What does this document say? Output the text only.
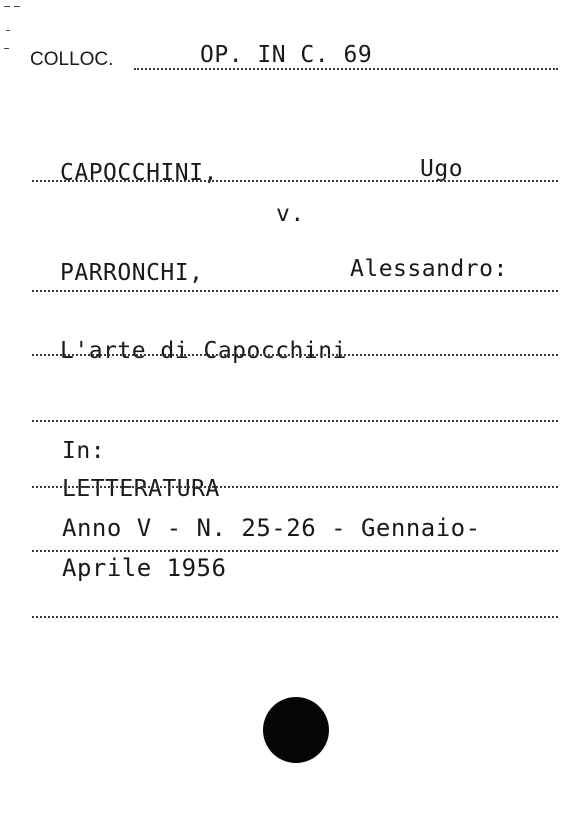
COLLOC.	OP. IN C. 69
CAPOCCHINI,	Ugo
v.
PARRONCHI,	Alessandro:
L'arte di Capocchini
In:
LETTERATURA
Anno V - N. 25-26 - Gennaio-
Aprile 1956
